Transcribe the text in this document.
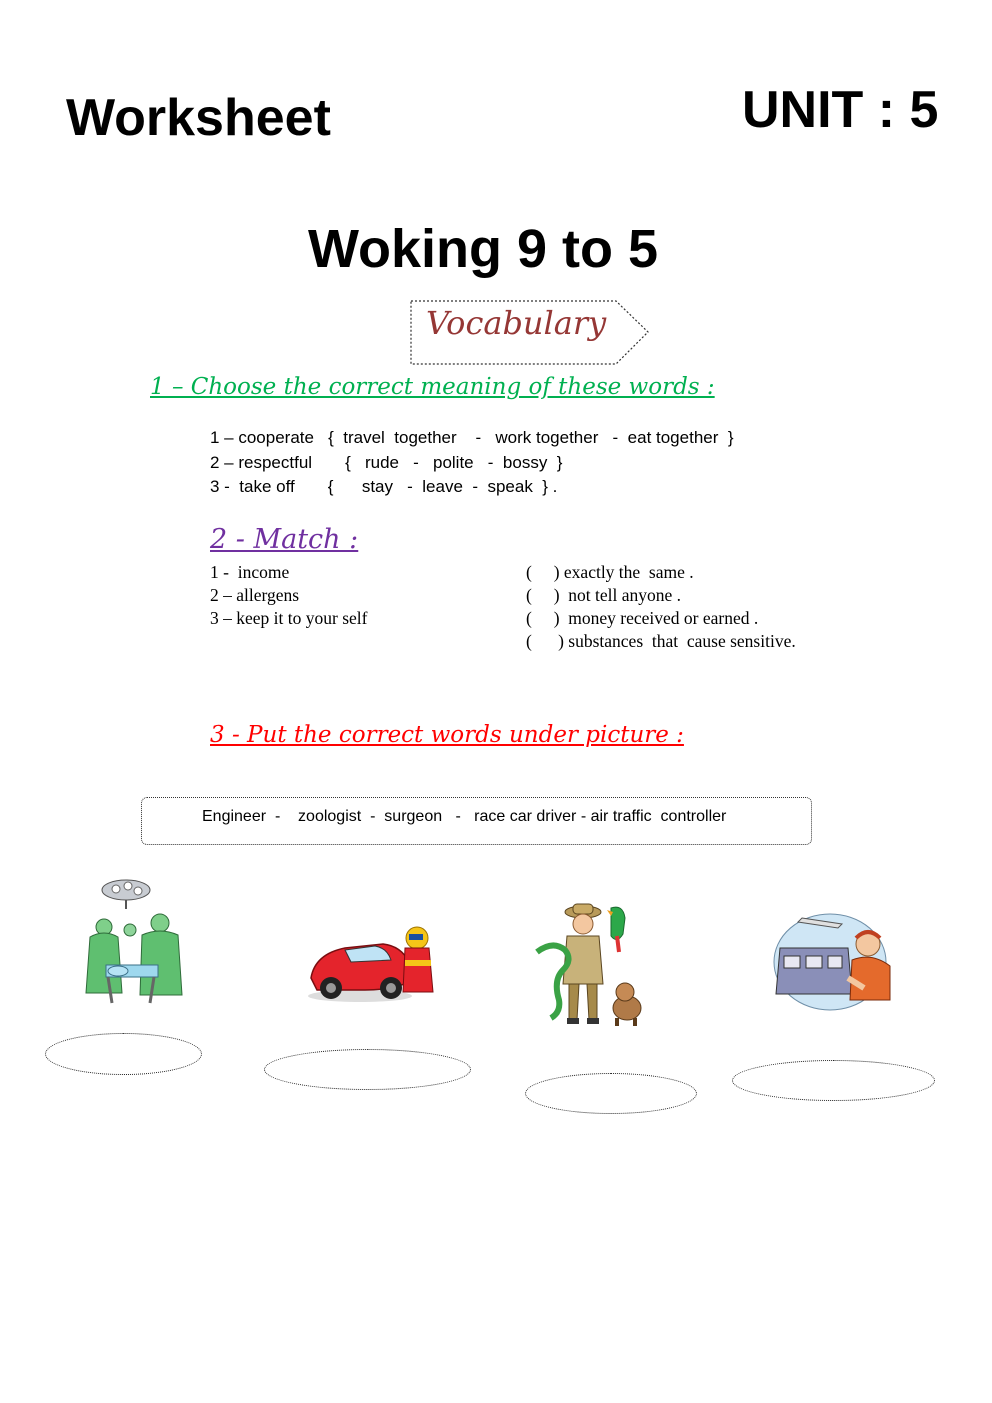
Worksheet	UNIT : 5
Woking 9 to 5
Vocabulary
1 – Choose the correct meaning of these words :
1 – cooperate   {  travel  together    -   work together   -  eat together  }
2 – respectful       {   rude   -   polite   -  bossy  }
3 -  take off       {      stay   -  leave  -  speak  } .
2 - Match :
1 -  income
2 – allergens
3 – keep it to your self
(     ) exactly the  same .
(     )  not tell anyone .
(     )  money received or earned .
(      ) substances  that  cause sensitive.
3 - Put the correct words under picture :
Engineer  -    zoologist  -  surgeon   -   race car driver - air traffic  controller
